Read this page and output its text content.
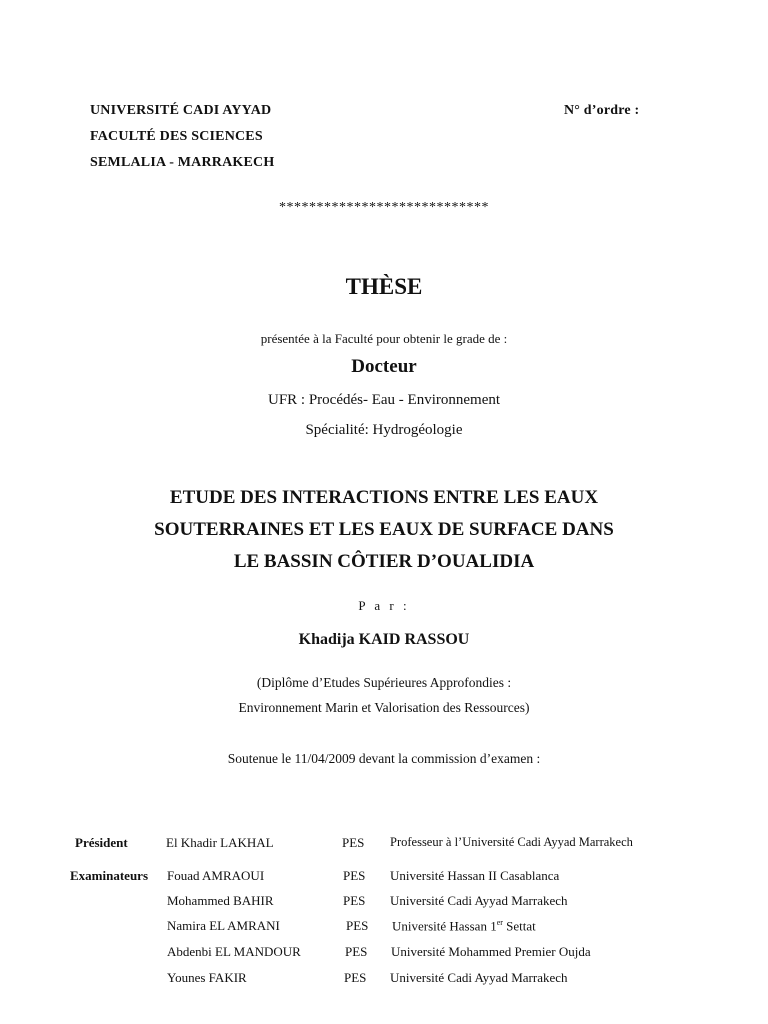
UNIVERSITÉ CADI AYYAD
FACULTÉ DES SCIENCES
SEMLALIA - MARRAKECH
N° d’ordre :
****************************
THÈSE
présentée à la Faculté pour obtenir le grade de :
Docteur
UFR : Procédés- Eau - Environnement
Spécialité: Hydrogéologie
ETUDE DES INTERACTIONS ENTRE LES EAUX
SOUTERRAINES ET LES EAUX DE SURFACE DANS
LE BASSIN CÔTIER D’OUALIDIA
P a r :
Khadija KAID RASSOU
(Diplôme d’Etudes Supérieures Approfondies :
Environnement Marin et Valorisation des Ressources)
Soutenue le 11/04/2009 devant la commission d’examen :
Président	El Khadir LAKHAL	PES Professeur à l’Université Cadi Ayyad Marrakech
Examinateurs Fouad AMRAOUI	PES Université Hassan II Casablanca
Mohammed BAHIR	PES Université Cadi Ayyad Marrakech
Namira EL AMRANI	PES Université Hassan 1er Settat
Abdenbi EL MANDOUR	PES Université Mohammed Premier Oujda
Younes FAKIR	PES Université Cadi Ayyad Marrakech
